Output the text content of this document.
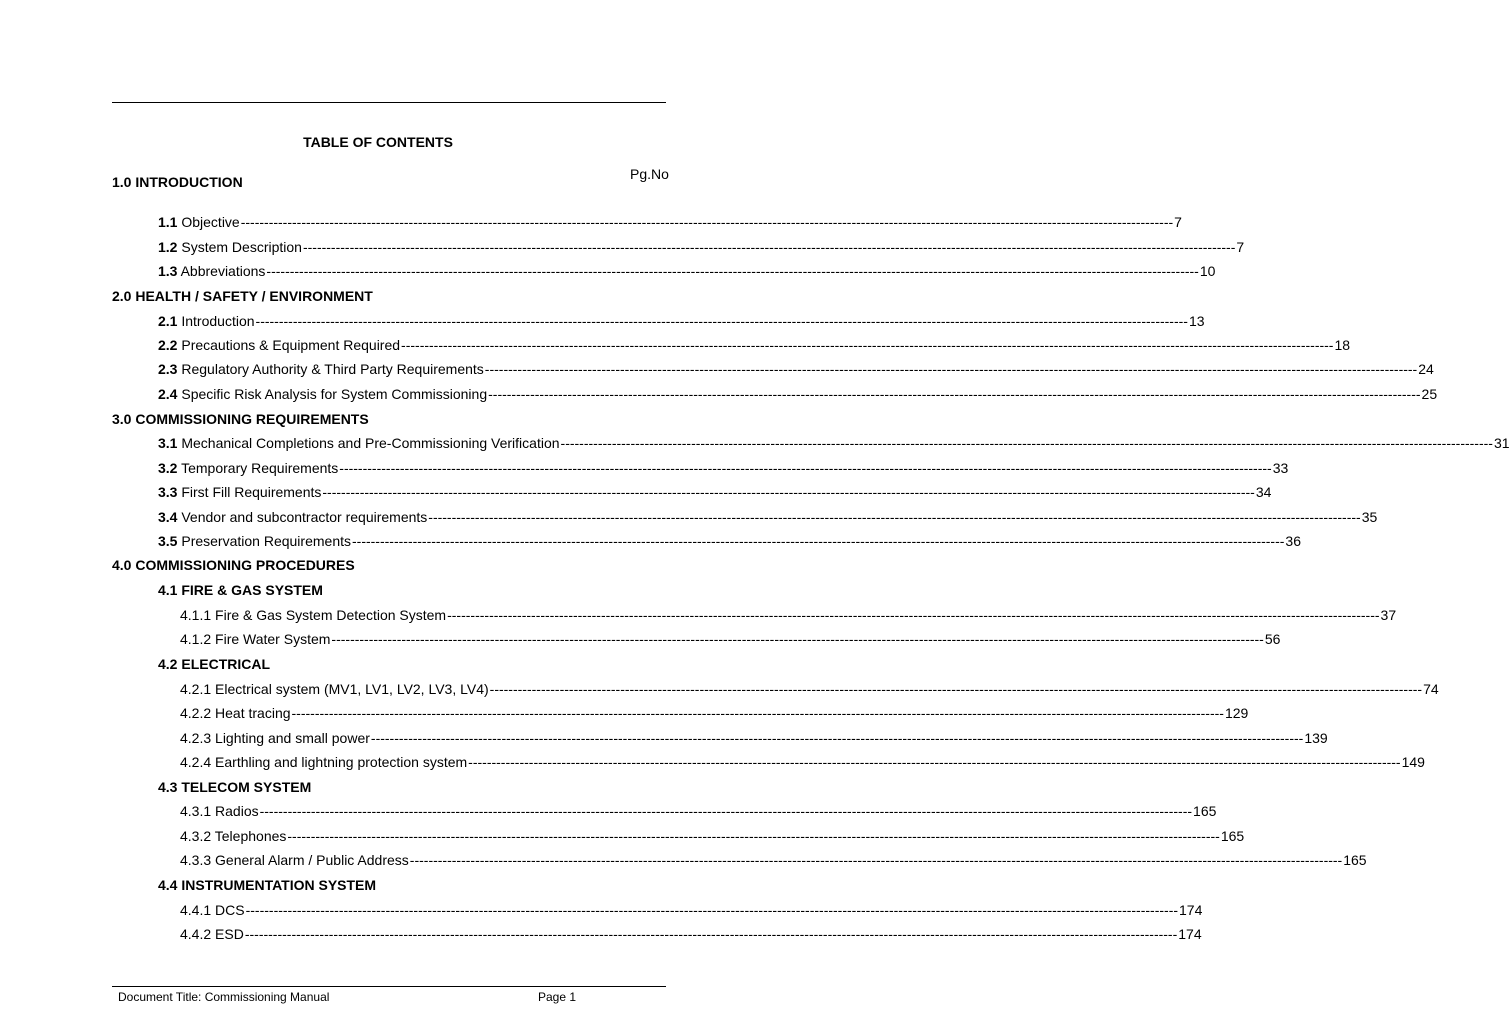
TABLE OF CONTENTS
Pg.No
1.0 INTRODUCTION
1.1 Objective -------------------------------------------------------------------------------------------------------------------------------------------------------------------------------------------------------- 7
1.2 System Description -------------------------------------------------------------------------------------------------------------------------------------------------------------------------------------------------------- 7
1.3 Abbreviations -------------------------------------------------------------------------------------------------------------------------------------------------------------------------------------------------------- 10
2.0 HEALTH / SAFETY / ENVIRONMENT
2.1 Introduction -------------------------------------------------------------------------------------------------------------------------------------------------------------------------------------------------------- 13
2.2 Precautions & Equipment Required -------------------------------------------------------------------------------------------------------------------------------------------------------------------------------------------------------- 18
2.3 Regulatory Authority & Third Party Requirements -------------------------------------------------------------------------------------------------------------------------------------------------------------------------------------------------------- 24
2.4 Specific Risk Analysis for System Commissioning -------------------------------------------------------------------------------------------------------------------------------------------------------------------------------------------------------- 25
3.0 COMMISSIONING REQUIREMENTS
3.1 Mechanical Completions and Pre-Commissioning Verification -------------------------------------------------------------------------------------------------------------------------------------------------------------------------------------------------------- 31
3.2 Temporary Requirements -------------------------------------------------------------------------------------------------------------------------------------------------------------------------------------------------------- 33
3.3 First Fill Requirements -------------------------------------------------------------------------------------------------------------------------------------------------------------------------------------------------------- 34
3.4 Vendor and subcontractor requirements -------------------------------------------------------------------------------------------------------------------------------------------------------------------------------------------------------- 35
3.5 Preservation Requirements -------------------------------------------------------------------------------------------------------------------------------------------------------------------------------------------------------- 36
4.0 COMMISSIONING PROCEDURES
4.1 FIRE & GAS SYSTEM
4.1.1 Fire & Gas System Detection System -------------------------------------------------------------------------------------------------------------------------------------------------------------------------------------------------------- 37
4.1.2 Fire Water System -------------------------------------------------------------------------------------------------------------------------------------------------------------------------------------------------------- 56
4.2 ELECTRICAL
4.2.1 Electrical system (MV1, LV1, LV2, LV3, LV4) -------------------------------------------------------------------------------------------------------------------------------------------------------------------------------------------------------- 74
4.2.2 Heat tracing -------------------------------------------------------------------------------------------------------------------------------------------------------------------------------------------------------- 129
4.2.3 Lighting and small power -------------------------------------------------------------------------------------------------------------------------------------------------------------------------------------------------------- 139
4.2.4 Earthling and lightning protection system -------------------------------------------------------------------------------------------------------------------------------------------------------------------------------------------------------- 149
4.3 TELECOM SYSTEM
4.3.1 Radios -------------------------------------------------------------------------------------------------------------------------------------------------------------------------------------------------------- 165
4.3.2 Telephones -------------------------------------------------------------------------------------------------------------------------------------------------------------------------------------------------------- 165
4.3.3 General Alarm / Public Address -------------------------------------------------------------------------------------------------------------------------------------------------------------------------------------------------------- 165
4.4 INSTRUMENTATION SYSTEM
4.4.1 DCS -------------------------------------------------------------------------------------------------------------------------------------------------------------------------------------------------------- 174
4.4.2 ESD -------------------------------------------------------------------------------------------------------------------------------------------------------------------------------------------------------- 174
Document Title: Commissioning Manual	Page 1
